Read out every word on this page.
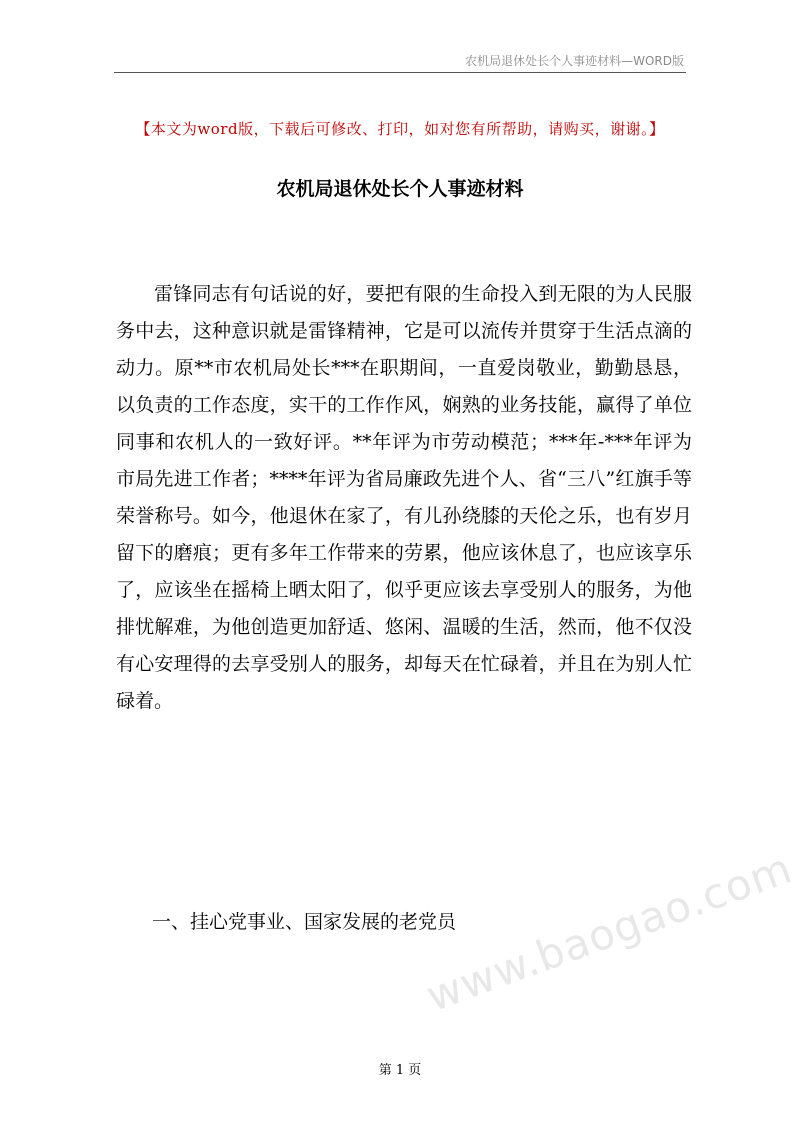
农机局退休处长个人事迹材料—WORD版
【本文为word版，下载后可修改、打印，如对您有所帮助，请购买，谢谢。】
农机局退休处长个人事迹材料

雷锋同志有句话说的好，要把有限的生命投入到无限的为人民服务中去，这种意识就是雷锋精神，它是可以流传并贯穿于生活点滴的动力。原**市农机局处长***在职期间，一直爱岗敬业，勤勤恳恳，以负责的工作态度，实干的工作作风，娴熟的业务技能，赢得了单位同事和农机人的一致好评。**年评为市劳动模范；***年-***年评为市局先进工作者；****年评为省局廉政先进个人、省“三八”红旗手等荣誉称号。如今，他退休在家了，有儿孙绕膝的天伦之乐，也有岁月留下的磨痕；更有多年工作带来的劳累，他应该休息了，也应该享乐了，应该坐在摇椅上晒太阳了，似乎更应该去享受别人的服务，为他排忧解难，为他创造更加舒适、悠闲、温暖的生活，然而，他不仅没有心安理得的去享受别人的服务，却每天在忙碌着，并且在为别人忙碌着。

一、挂心党事业、国家发展的老党员
www.baogao.com
第 1 页
